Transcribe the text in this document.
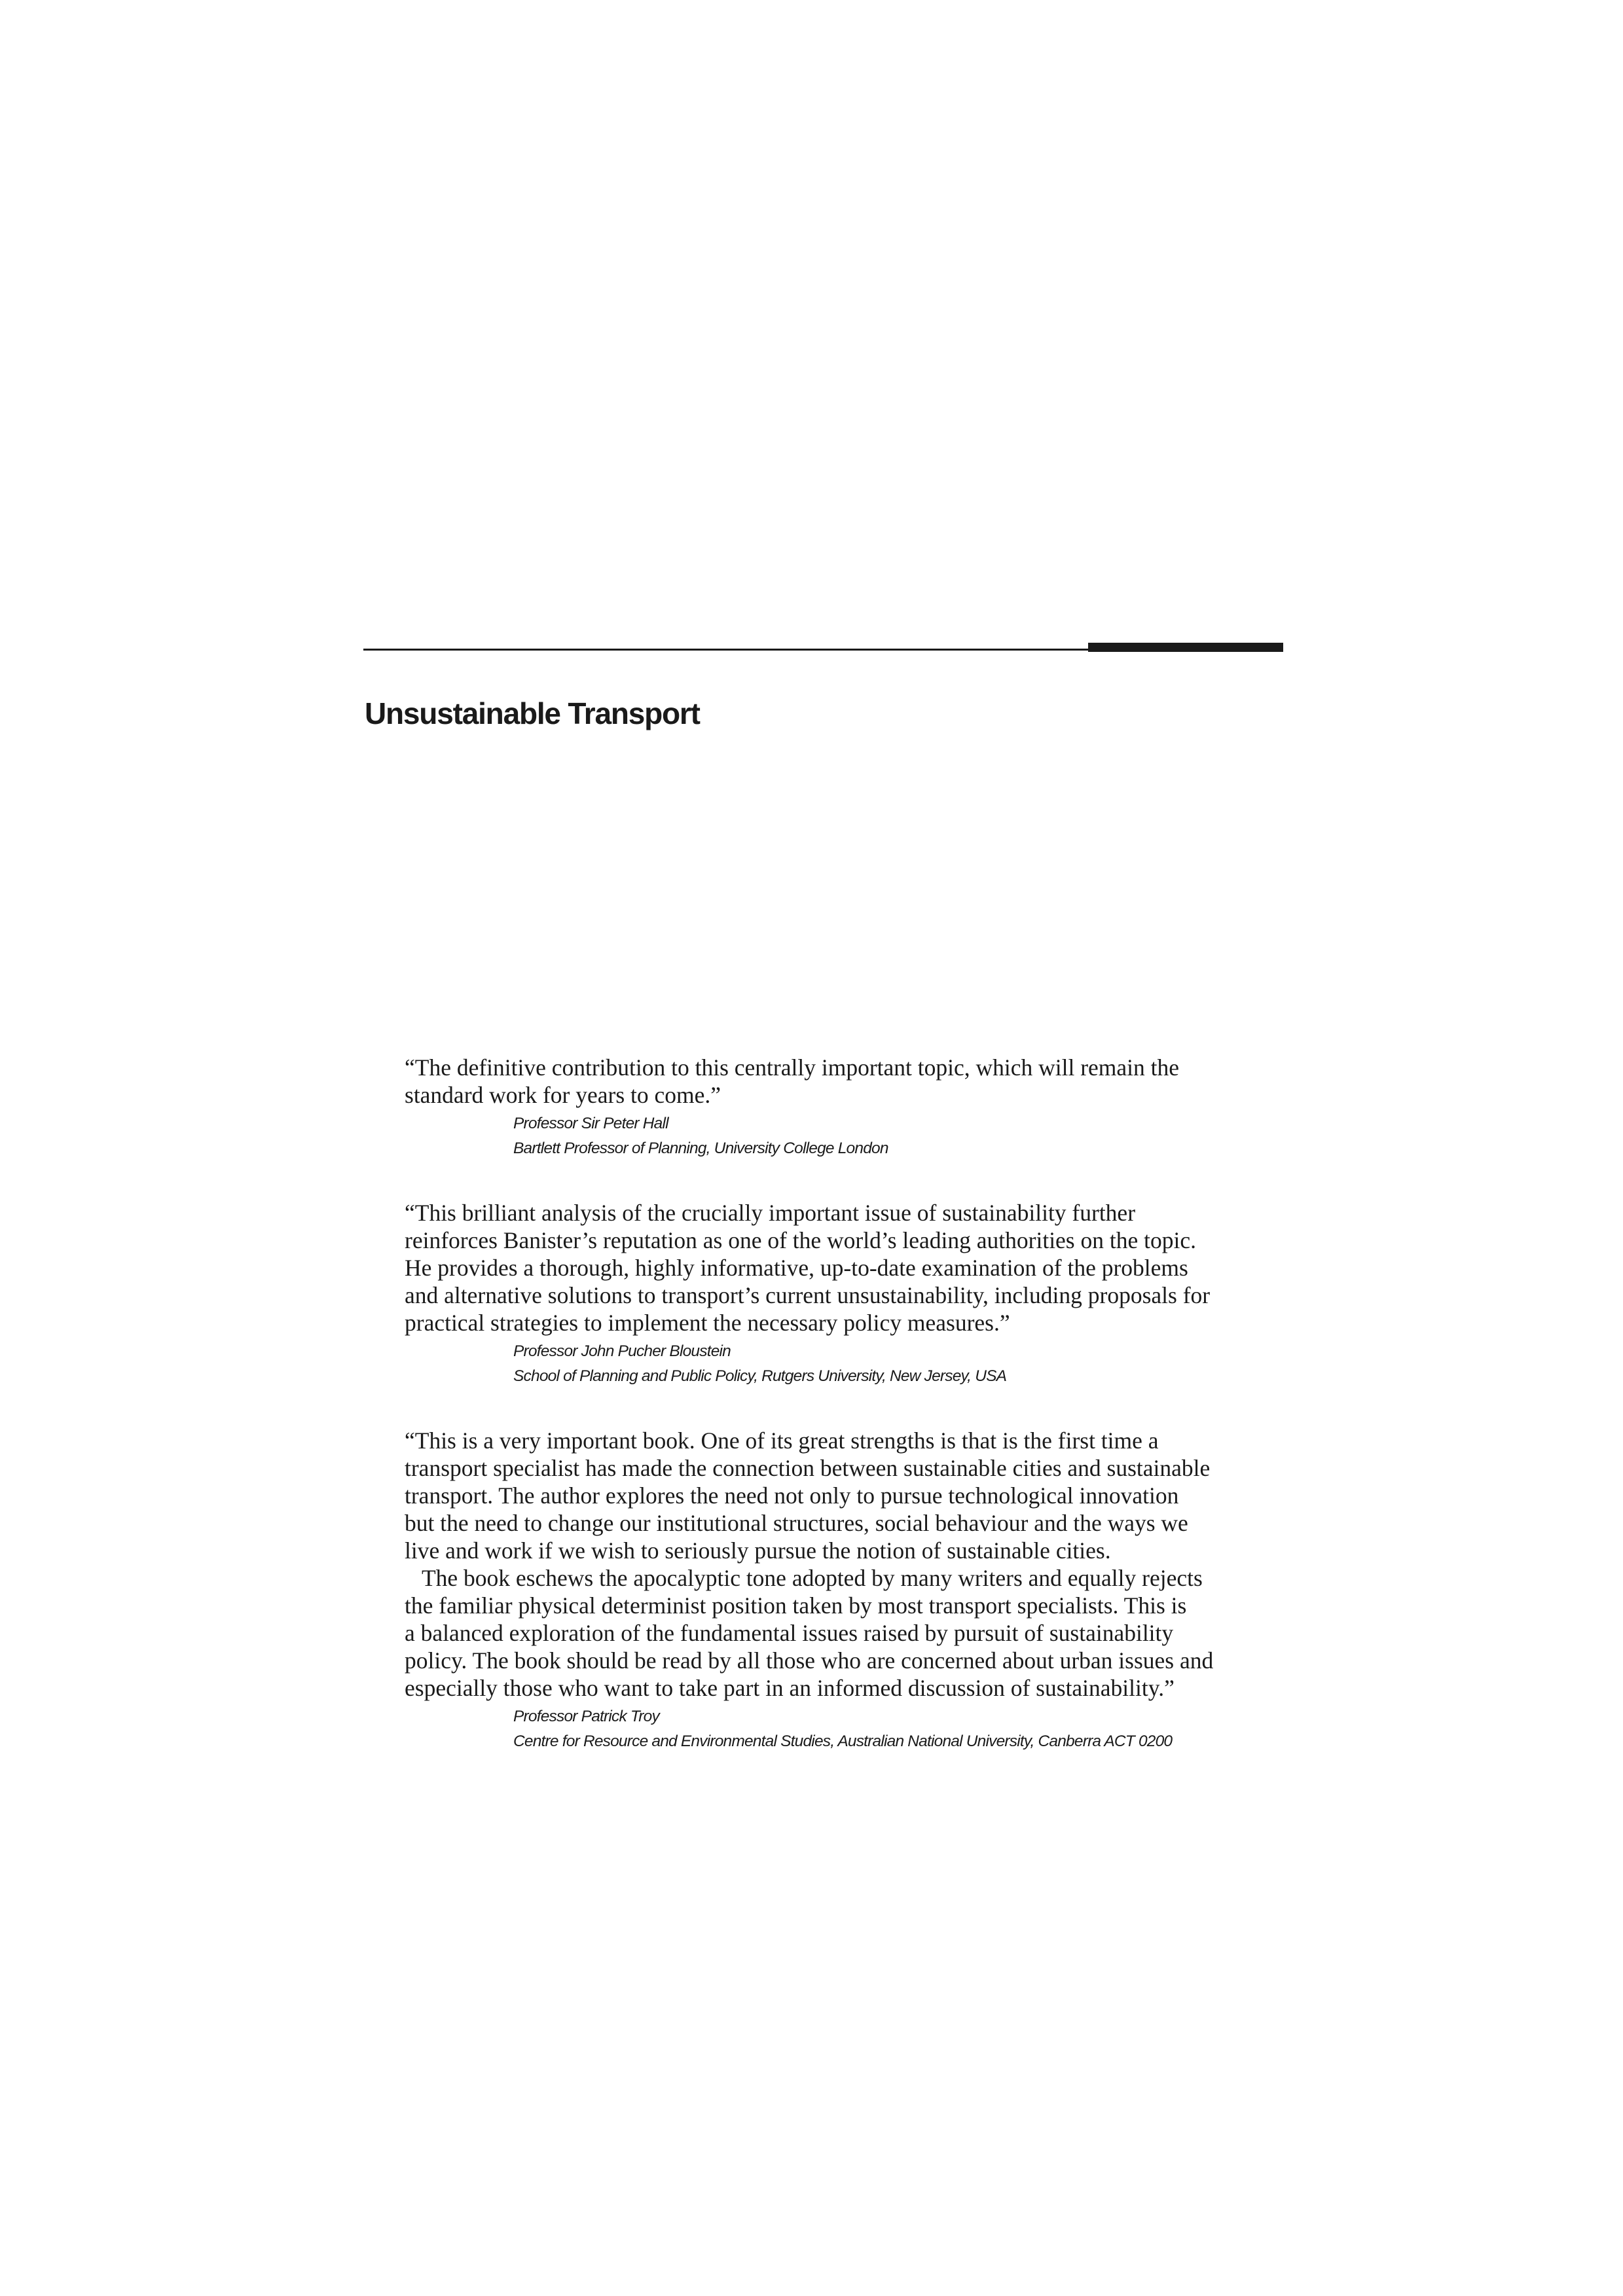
Unsustainable Transport

“The definitive contribution to this centrally important topic, which will remain the
standard work for years to come.”

Professor Sir Peter Hall
Bartlett Professor of Planning, University College London

“This brilliant analysis of the crucially important issue of sustainability further
reinforces Banister’s reputation as one of the world’s leading authorities on the topic.
He provides a thorough, highly informative, up-to-date examination of the problems
and alternative solutions to transport’s current unsustainability, including proposals for
practical strategies to implement the necessary policy measures.”

Professor John Pucher Bloustein
School of Planning and Public Policy, Rutgers University, New Jersey, USA

“This is a very important book. One of its great strengths is that is the first time a
transport specialist has made the connection between sustainable cities and sustainable
transport. The author explores the need not only to pursue technological innovation
but the need to change our institutional structures, social behaviour and the ways we
live and work if we wish to seriously pursue the notion of sustainable cities.
The book eschews the apocalyptic tone adopted by many writers and equally rejects
the familiar physical determinist position taken by most transport specialists. This is
a balanced exploration of the fundamental issues raised by pursuit of sustainability
policy. The book should be read by all those who are concerned about urban issues and
especially those who want to take part in an informed discussion of sustainability.”

Professor Patrick Troy
Centre for Resource and Environmental Studies, Australian National University, Canberra ACT 0200
